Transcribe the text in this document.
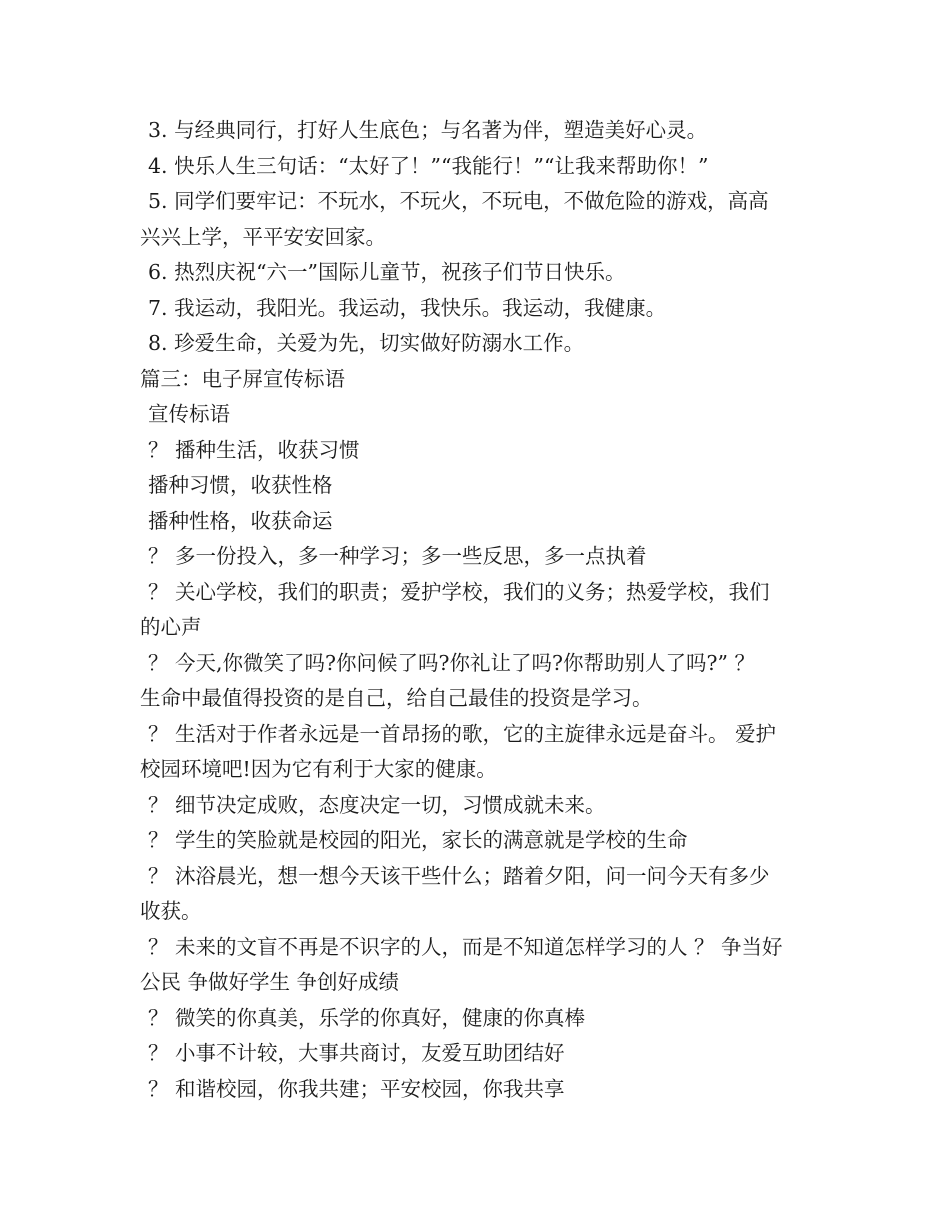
3. 与经典同行，打好人生底色；与名著为伴，塑造美好心灵。
4. 快乐人生三句话：“太好了！”“我能行！”“让我来帮助你！”
5. 同学们要牢记：不玩水，不玩火，不玩电，不做危险的游戏，高高
兴兴上学，平平安安回家。
6. 热烈庆祝“六一”国际儿童节，祝孩子们节日快乐。
7. 我运动，我阳光。我运动，我快乐。我运动，我健康。
8. 珍爱生命，关爱为先，切实做好防溺水工作。
篇三：电子屏宣传标语
宣传标语
？ 播种生活，收获习惯
播种习惯，收获性格
播种性格，收获命运
？ 多一份投入，多一种学习；多一些反思，多一点执着
？ 关心学校，我们的职责；爱护学校，我们的义务；热爱学校，我们
的心声
？ 今天,你微笑了吗?你问候了吗?你礼让了吗?你帮助别人了吗?” ？
生命中最值得投资的是自己，给自己最佳的投资是学习。
？ 生活对于作者永远是一首昂扬的歌，它的主旋律永远是奋斗。 爱护
校园环境吧!因为它有利于大家的健康。
？ 细节决定成败，态度决定一切，习惯成就未来。
？ 学生的笑脸就是校园的阳光，家长的满意就是学校的生命
？ 沐浴晨光，想一想今天该干些什么；踏着夕阳，问一问今天有多少
收获。
？ 未来的文盲不再是不识字的人，而是不知道怎样学习的人 ？ 争当好
公民 争做好学生 争创好成绩
？ 微笑的你真美，乐学的你真好，健康的你真棒
？ 小事不计较，大事共商讨，友爱互助团结好
？ 和谐校园，你我共建；平安校园，你我共享
